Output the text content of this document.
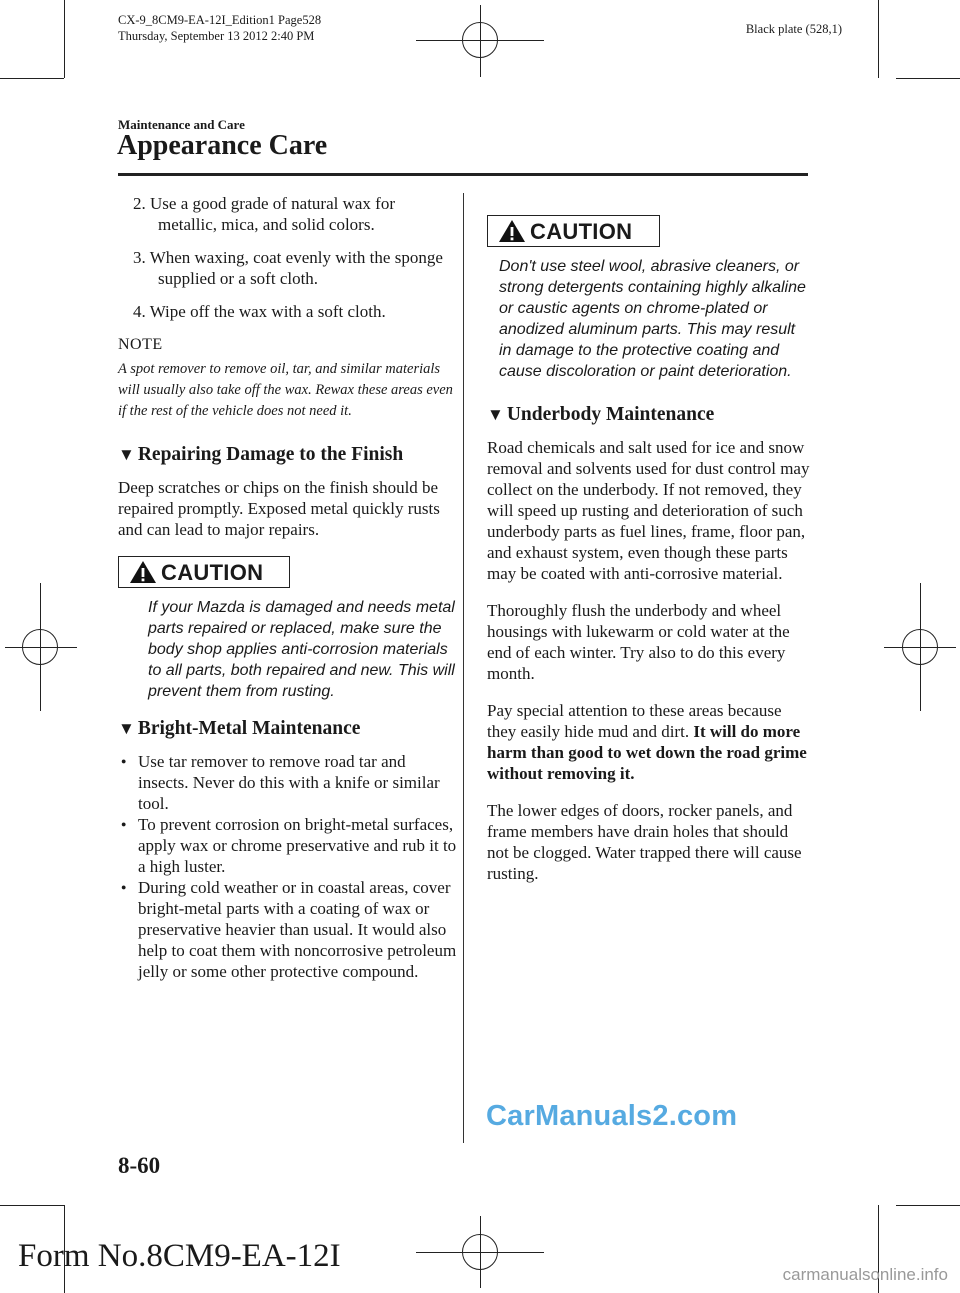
CX-9_8CM9-EA-12I_Edition1 Page528
Thursday, September 13 2012 2:40 PM	Black plate (528,1)
Maintenance and Care
Appearance Care
2. Use a good grade of natural wax for metallic, mica, and solid colors.
3. When waxing, coat evenly with the sponge supplied or a soft cloth.
4. Wipe off the wax with a soft cloth.
NOTE
A spot remover to remove oil, tar, and similar materials will usually also take off the wax. Rewax these areas even if the rest of the vehicle does not need it.
▼ Repairing Damage to the Finish
Deep scratches or chips on the finish should be repaired promptly. Exposed metal quickly rusts and can lead to major repairs.
CAUTION
If your Mazda is damaged and needs metal parts repaired or replaced, make sure the body shop applies anti-corrosion materials to all parts, both repaired and new. This will prevent them from rusting.
▼ Bright-Metal Maintenance
● Use tar remover to remove road tar and insects. Never do this with a knife or similar tool.
● To prevent corrosion on bright-metal surfaces, apply wax or chrome preservative and rub it to a high luster.
● During cold weather or in coastal areas, cover bright-metal parts with a coating of wax or preservative heavier than usual. It would also help to coat them with noncorrosive petroleum jelly or some other protective compound.
CAUTION
Don't use steel wool, abrasive cleaners, or strong detergents containing highly alkaline or caustic agents on chrome-plated or anodized aluminum parts. This may result in damage to the protective coating and cause discoloration or paint deterioration.
▼ Underbody Maintenance
Road chemicals and salt used for ice and snow removal and solvents used for dust control may collect on the underbody. If not removed, they will speed up rusting and deterioration of such underbody parts as fuel lines, frame, floor pan, and exhaust system, even though these parts may be coated with anti-corrosive material.
Thoroughly flush the underbody and wheel housings with lukewarm or cold water at the end of each winter. Try also to do this every month.
Pay special attention to these areas because they easily hide mud and dirt. It will do more harm than good to wet down the road grime without removing it.
The lower edges of doors, rocker panels, and frame members have drain holes that should not be clogged. Water trapped there will cause rusting.
CarManuals2.com
8-60
Form No.8CM9-EA-12I
carmanualsonline.info
